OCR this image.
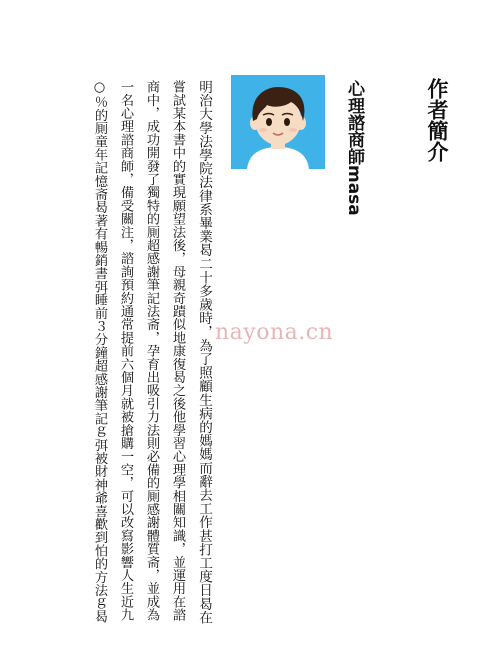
作者簡介
心理諮商師masa
明治大學法學院法律系畢業曷二十多歲時，為了照顧生病的媽媽而辭去工作甚打工度日曷在
嘗試某本書中的實現願望法後，母親奇蹟似地康復曷之後他學習心理學相關知識，並運用在諮
商中，成功開發了獨特的厠超感謝筆記法斋，孕育出吸引力法則必備的厠感謝體質斋，並成為
一名心理諮商師，備受關注，諮詢預約通常提前六個月就被搶購一空，可以改寫影響人生近九
○％的厠童年記憶斋曷著有暢銷書弭睡前３分鐘超感謝筆記ｇ弭被財神爺喜歡到怕的方法ｇ曷	nayona.cn
